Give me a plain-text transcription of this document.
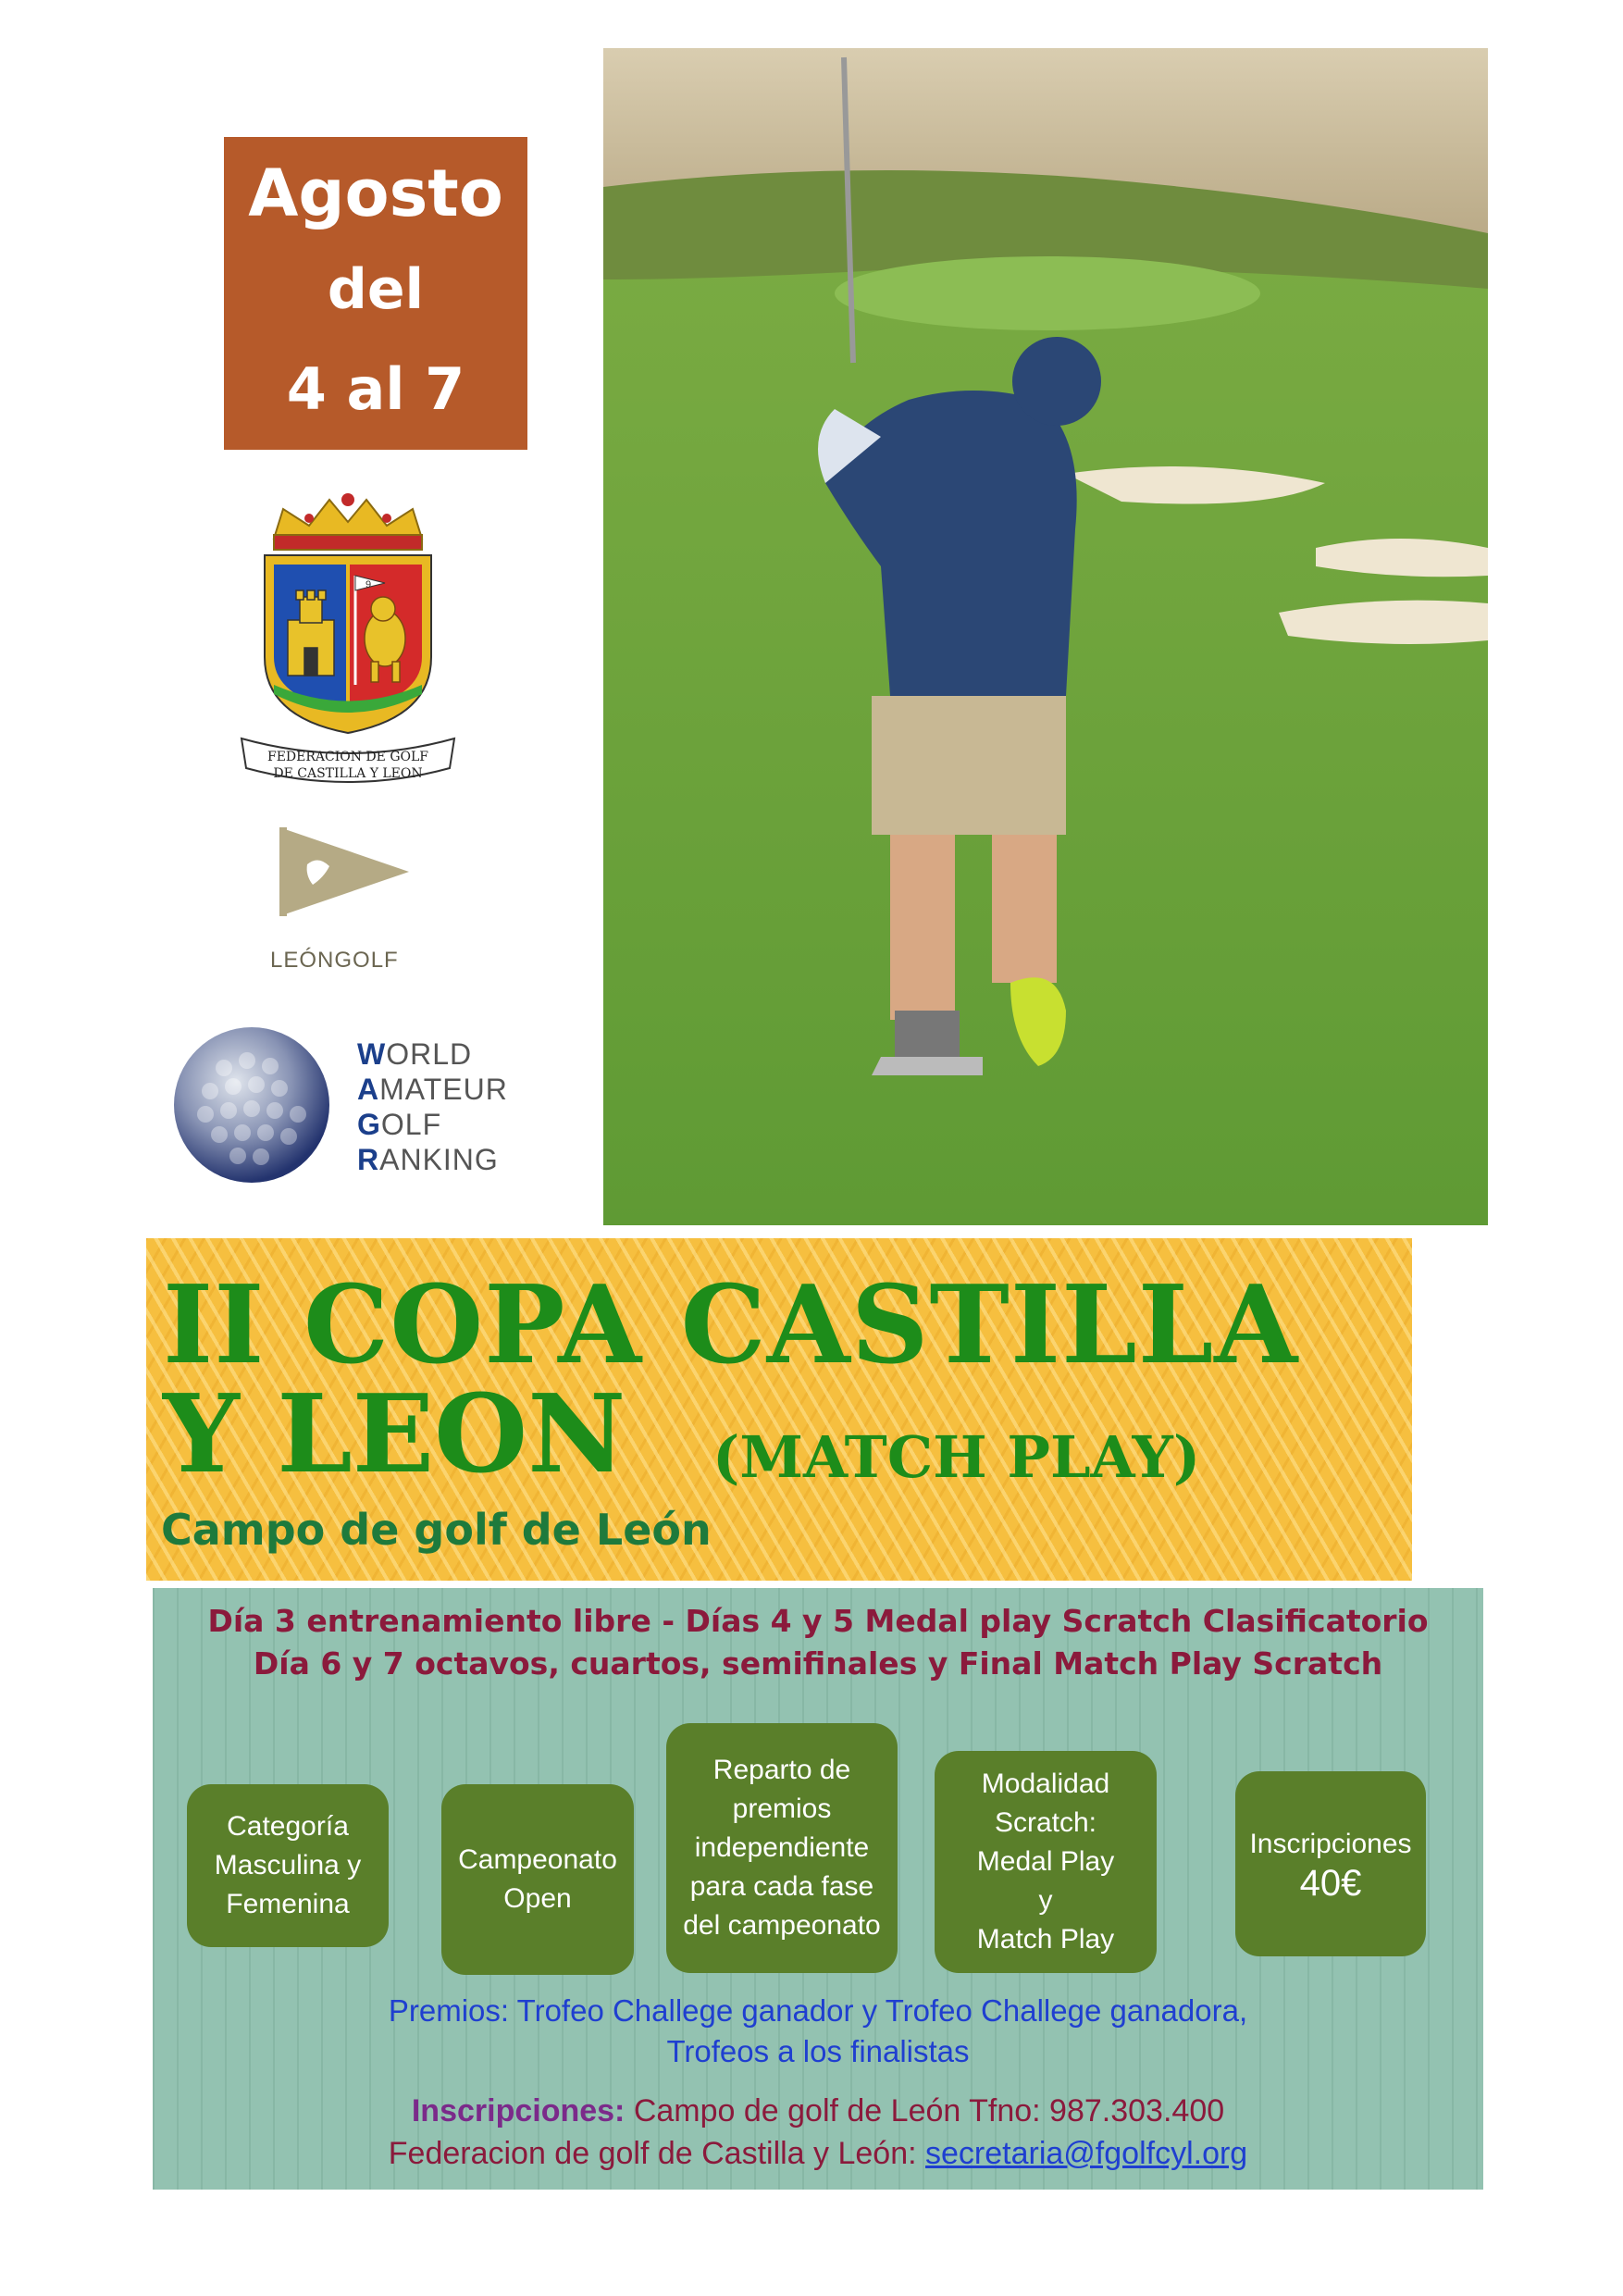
Agosto
del
4 al 7
9
FEDERACION DE GOLF
DE CASTILLA Y LEON
LEÓNGOLF
WORLD
AMATEUR
GOLF
RANKING
II COPA CASTILLA
Y LEON (MATCH PLAY)
Campo de golf de León
Día 3 entrenamiento libre - Días 4 y 5 Medal play Scratch Clasificatorio
Día 6 y 7 octavos, cuartos, semifinales y Final Match Play Scratch
Categoría
Masculina y
Femenina
Campeonato
Open
Reparto de
premios
independiente
para cada fase
del campeonato
Modalidad
Scratch:
Medal Play
y
Match Play
Inscripciones
40€
Premios: Trofeo Challege ganador y Trofeo Challege ganadora,
Trofeos a los finalistas
Inscripciones: Campo de golf de León Tfno: 987.303.400
Federacion de golf de Castilla y León: secretaria@fgolfcyl.org
